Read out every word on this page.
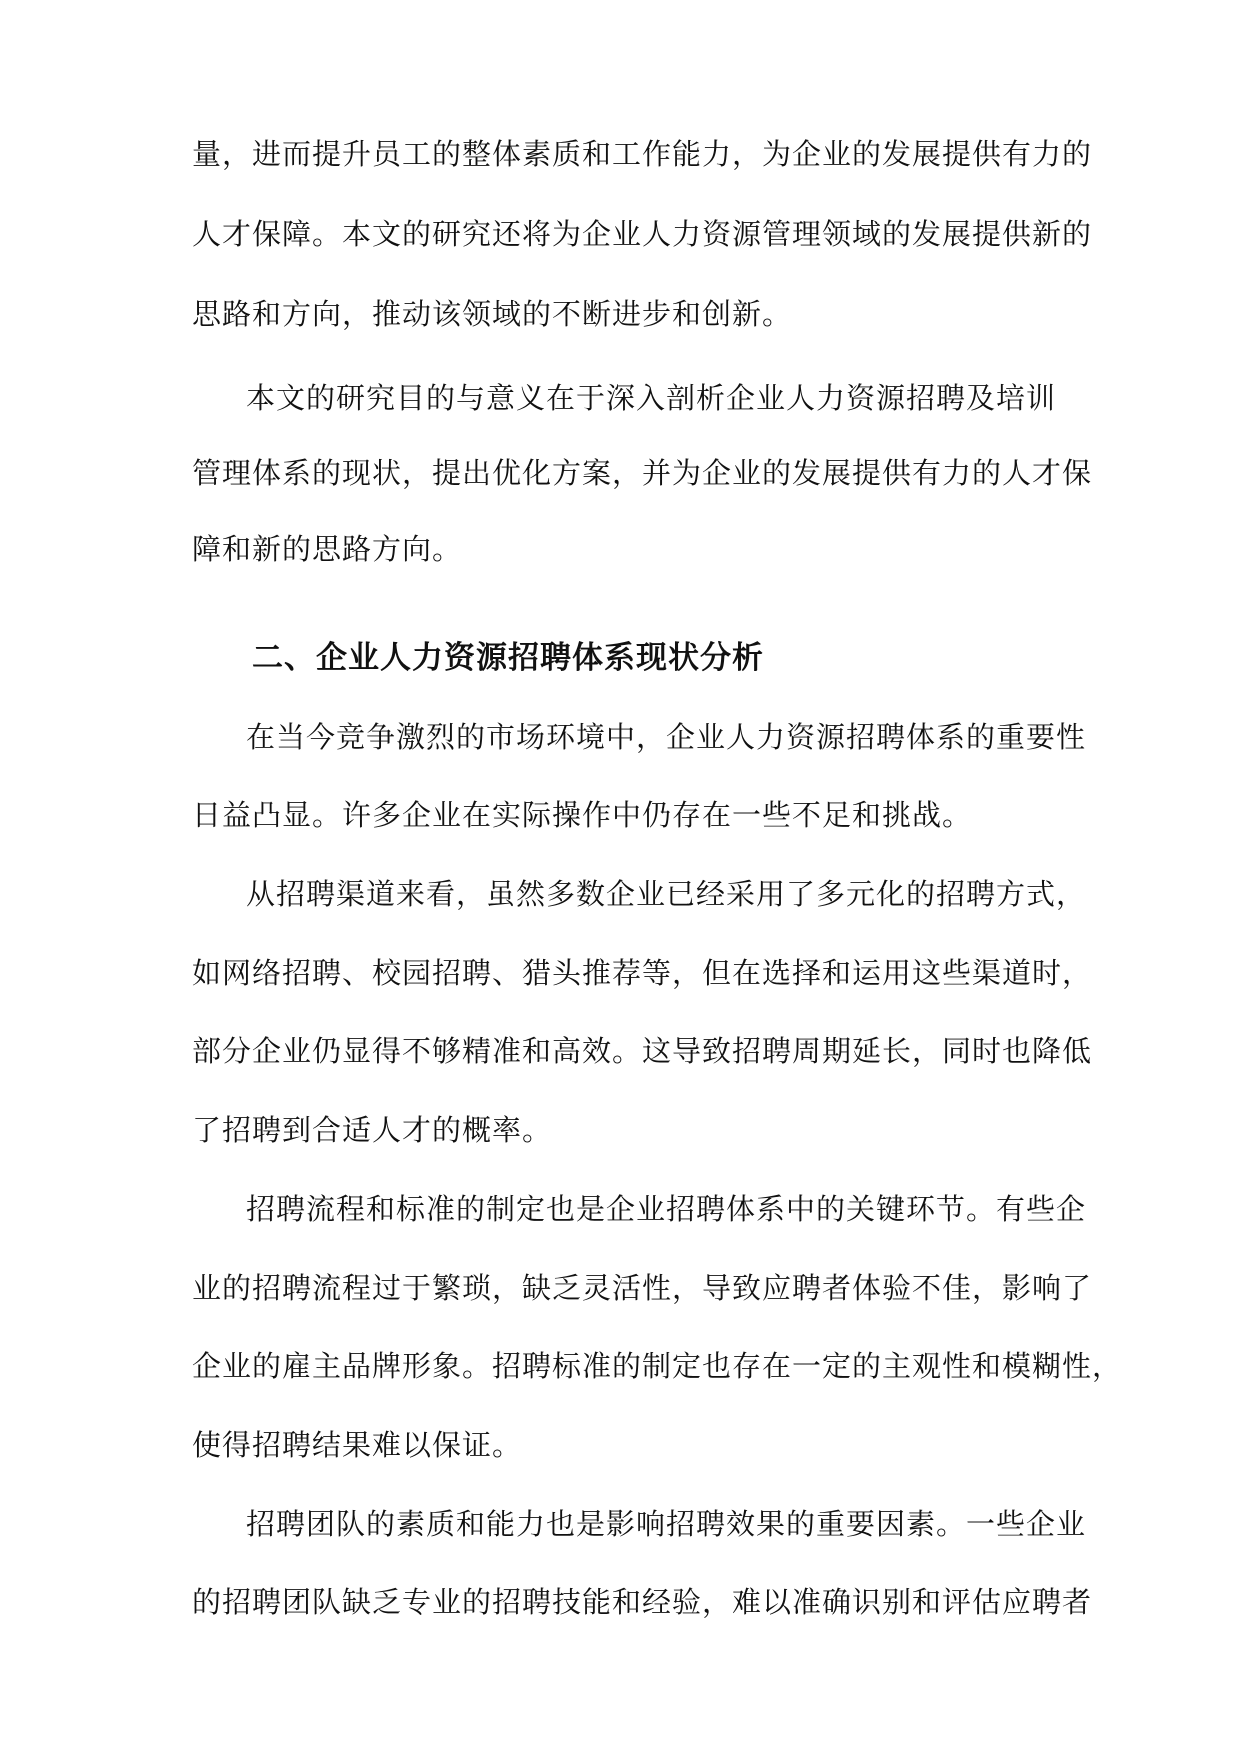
量，进而提升员工的整体素质和工作能力，为企业的发展提供有力的
人才保障。本文的研究还将为企业人力资源管理领域的发展提供新的
思路和方向，推动该领域的不断进步和创新。
本文的研究目的与意义在于深入剖析企业人力资源招聘及培训
管理体系的现状，提出优化方案，并为企业的发展提供有力的人才保
障和新的思路方向。
二、企业人力资源招聘体系现状分析
在当今竞争激烈的市场环境中，企业人力资源招聘体系的重要性
日益凸显。许多企业在实际操作中仍存在一些不足和挑战。
从招聘渠道来看，虽然多数企业已经采用了多元化的招聘方式，
如网络招聘、校园招聘、猎头推荐等，但在选择和运用这些渠道时，
部分企业仍显得不够精准和高效。这导致招聘周期延长，同时也降低
了招聘到合适人才的概率。
招聘流程和标准的制定也是企业招聘体系中的关键环节。有些企
业的招聘流程过于繁琐，缺乏灵活性，导致应聘者体验不佳，影响了
企业的雇主品牌形象。招聘标准的制定也存在一定的主观性和模糊性，
使得招聘结果难以保证。
招聘团队的素质和能力也是影响招聘效果的重要因素。一些企业
的招聘团队缺乏专业的招聘技能和经验，难以准确识别和评估应聘者
